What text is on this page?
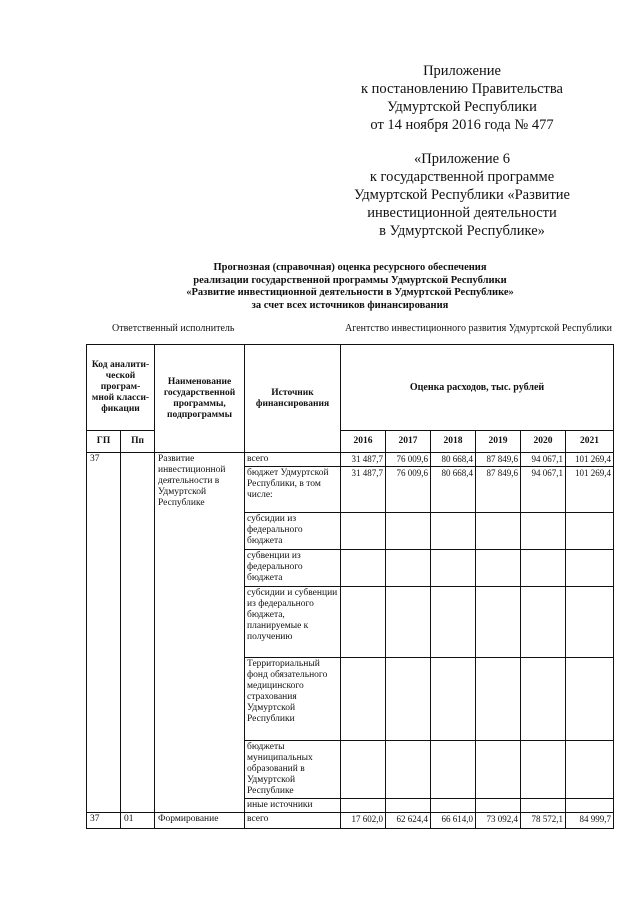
Приложение
к постановлению Правительства
Удмуртской Республики
от 14 ноября 2016 года № 477
«Приложение 6
к государственной программе
Удмуртской Республики «Развитие
инвестиционной деятельности
в Удмуртской Республике»
Прогнозная (справочная) оценка ресурсного обеспечения
реализации государственной программы Удмуртской Республики
«Развитие инвестиционной деятельности в Удмуртской Республике»
за счет всех источников финансирования
Ответственный исполнитель	Агентство инвестиционного развития Удмуртской Республики
Код аналити-ческой програм-мной класси-фикации		Наименование государственной программы, подпрограммы	Источник финансирования	Оценка расходов, тыс. рублей					
ГП	Пп			2016	2017	2018	2019	2020	2021
37		Развитие инвестиционной деятельности в Удмуртской Республике	всего	31 487,7	76 009,6	80 668,4	87 849,6	94 067,1	101 269,4
			бюджет Удмуртской Республики, в том числе:	31 487,7	76 009,6	80 668,4	87 849,6	94 067,1	101 269,4
			субсидии из федерального бюджета						
			субвенции из федерального бюджета						
			субсидии и субвенции из федерального бюджета, планируемые к получению						
			Территориальный фонд обязательного медицинского страхования Удмуртской Республики						
			бюджеты муниципальных образований в Удмуртской Республике						
			иные источники						
37	01	Формирование	всего	17 602,0	62 624,4	66 614,0	73 092,4	78 572,1	84 999,7
